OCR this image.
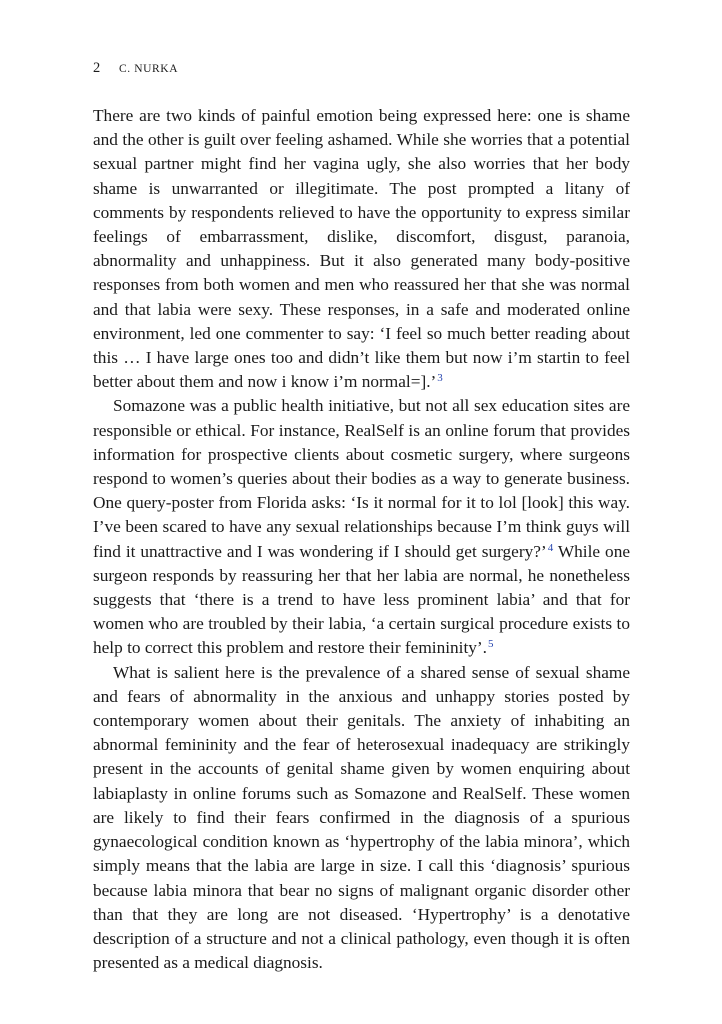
2 C. NURKA

There are two kinds of painful emotion being expressed here: one is shame and the other is guilt over feeling ashamed. While she worries that a potential sexual partner might find her vagina ugly, she also worries that her body shame is unwarranted or illegitimate. The post prompted a litany of comments by respondents relieved to have the opportunity to express similar feelings of embarrassment, dislike, discomfort, disgust, paranoia, abnormality and unhappiness. But it also generated many body-positive responses from both women and men who reassured her that she was normal and that labia were sexy. These responses, in a safe and moderated online environment, led one commenter to say: ‘I feel so much better reading about this … I have large ones too and didn’t like them but now i’m startin to feel better about them and now i know i’m normal=].’$^3$

Somazone was a public health initiative, but not all sex education sites are responsible or ethical. For instance, RealSelf is an online forum that provides information for prospective clients about cosmetic surgery, where surgeons respond to women’s queries about their bodies as a way to generate business. One query-poster from Florida asks: ‘Is it normal for it to lol [look] this way. I’ve been scared to have any sexual relationships because I’m think guys will find it unattractive and I was wondering if I should get surgery?’$^4$ While one surgeon responds by reassuring her that her labia are normal, he nonetheless suggests that ‘there is a trend to have less prominent labia’ and that for women who are troubled by their labia, ‘a certain surgical procedure exists to help to correct this problem and restore their femininity’.$^5$

What is salient here is the prevalence of a shared sense of sexual shame and fears of abnormality in the anxious and unhappy stories posted by contemporary women about their genitals. The anxiety of inhabiting an abnormal femininity and the fear of heterosexual inadequacy are strikingly present in the accounts of genital shame given by women enquiring about labiaplasty in online forums such as Somazone and RealSelf. These women are likely to find their fears confirmed in the diagnosis of a spurious gynaecological condition known as ‘hypertrophy of the labia minora’, which simply means that the labia are large in size. I call this ‘diagnosis’ spurious because labia minora that bear no signs of malignant organic disorder other than that they are long are not diseased. ‘Hypertrophy’ is a denotative description of a structure and not a clinical pathology, even though it is often presented as a medical diagnosis.
